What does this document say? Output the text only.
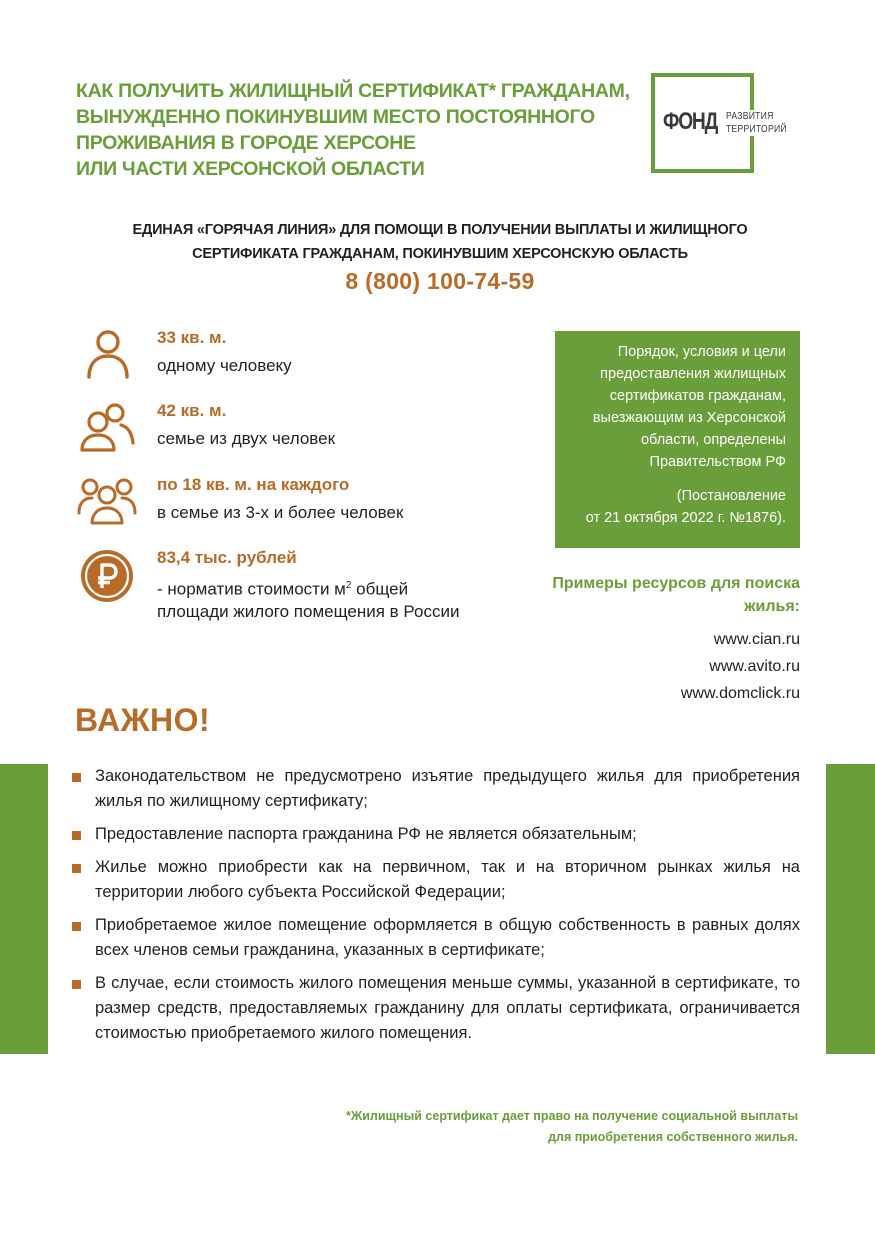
КАК ПОЛУЧИТЬ ЖИЛИЩНЫЙ СЕРТИФИКАТ* ГРАЖДАНАМ,
ВЫНУЖДЕННО ПОКИНУВШИМ МЕСТО ПОСТОЯННОГО
ПРОЖИВАНИЯ В ГОРОДЕ ХЕРСОНЕ
ИЛИ ЧАСТИ ХЕРСОНСКОЙ ОБЛАСТИ
ФОНД РАЗВИТИЯ
ТЕРРИТОРИЙ
ЕДИНАЯ «ГОРЯЧАЯ ЛИНИЯ» ДЛЯ ПОМОЩИ В ПОЛУЧЕНИИ ВЫПЛАТЫ И ЖИЛИЩНОГО
СЕРТИФИКАТА ГРАЖДАНАМ, ПОКИНУВШИМ ХЕРСОНСКУЮ ОБЛАСТЬ
8 (800) 100-74-59
33 кв. м.
одному человеку
42 кв. м.
семье из двух человек
по 18 кв. м. на каждого
в семье из 3-х и более человек
83,4 тыс. рублей
- норматив стоимости $м^2$ общей
площади жилого помещения в России

Порядок, условия и цели
предоставления жилищных
сертификатов гражданам,
выезжающим из Херсонской
области, определены
Правительством РФ

(Постановление
от 21 октября 2022 г. №1876).

Примеры ресурсов для поиска
жилья:
www.cian.ru
www.avito.ru
www.domclick.ru
ВАЖНО!
Законодательством не предусмотрено изъятие предыдущего жилья для приобретения жилья по жилищному сертификату;
Предоставление паспорта гражданина РФ не является обязательным;
Жилье можно приобрести как на первичном, так и на вторичном рынках жилья на территории любого субъекта Российской Федерации;
Приобретаемое жилое помещение оформляется в общую собственность в равных долях всех членов семьи гражданина, указанных в сертификате;
В случае, если стоимость жилого помещения меньше суммы, указанной в сертификате, то размер средств, предоставляемых гражданину для оплаты сертификата, ограничивается стоимостью приобретаемого жилого помещения.
*Жилищный сертификат дает право на получение социальной выплаты
для приобретения собственного жилья.
